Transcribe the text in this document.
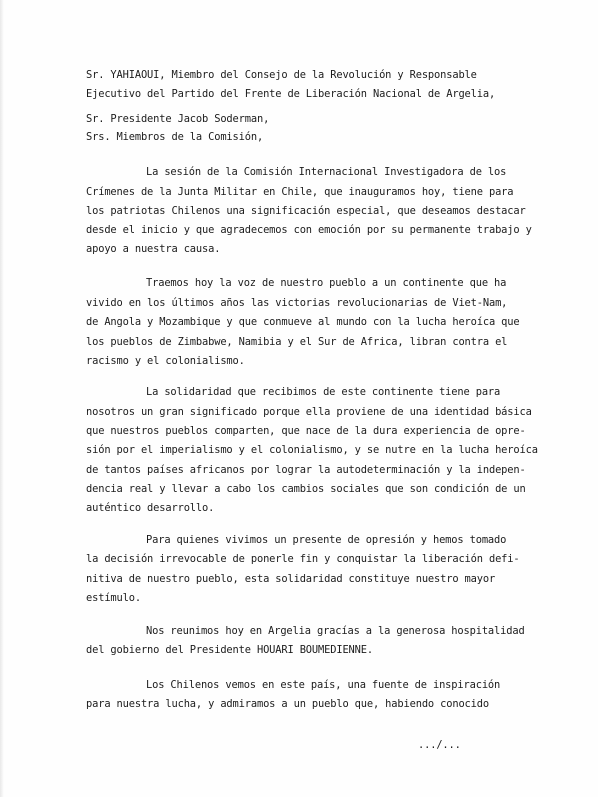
Sr. YAHIAOUI, Miembro del Consejo de la Revolución y Responsable
Ejecutivo del Partido del Frente de Liberación Nacional de Argelia,
Sr. Presidente Jacob Soderman,
Srs. Miembros de la Comisión,
La sesión de la Comisión Internacional Investigadora de los
Crímenes de la Junta Militar en Chile, que inauguramos hoy, tiene para
los patriotas Chilenos una significación especial, que deseamos destacar
desde el inicio y que agradecemos con emoción por su permanente trabajo y
apoyo a nuestra causa.
Traemos hoy la voz de nuestro pueblo a un continente que ha
vivido en los últimos años las victorias revolucionarias de Viet-Nam,
de Angola y Mozambique y que conmueve al mundo con la lucha heroíca que
los pueblos de Zimbabwe, Namibia y el Sur de Africa, libran contra el
racismo y el colonialismo.
La solidaridad que recibimos de este continente tiene para
nosotros un gran significado porque ella proviene de una identidad básica
que nuestros pueblos comparten, que nace de la dura experiencia de opre-
sión por el imperialismo y el colonialismo, y se nutre en la lucha heroíca
de tantos países africanos por lograr la autodeterminación y la indepen-
dencia real y llevar a cabo los cambios sociales que son condición de un
auténtico desarrollo.
Para quienes vivimos un presente de opresión y hemos tomado
la decisión irrevocable de ponerle fin y conquistar la liberación defi-
nitiva de nuestro pueblo, esta solidaridad constituye nuestro mayor
estímulo.
Nos reunimos hoy en Argelia gracías a la generosa hospitalidad
del gobierno del Presidente HOUARI BOUMEDIENNE.
Los Chilenos vemos en este país, una fuente de inspiración
para nuestra lucha, y admiramos a un pueblo que, habiendo conocido
.../...
